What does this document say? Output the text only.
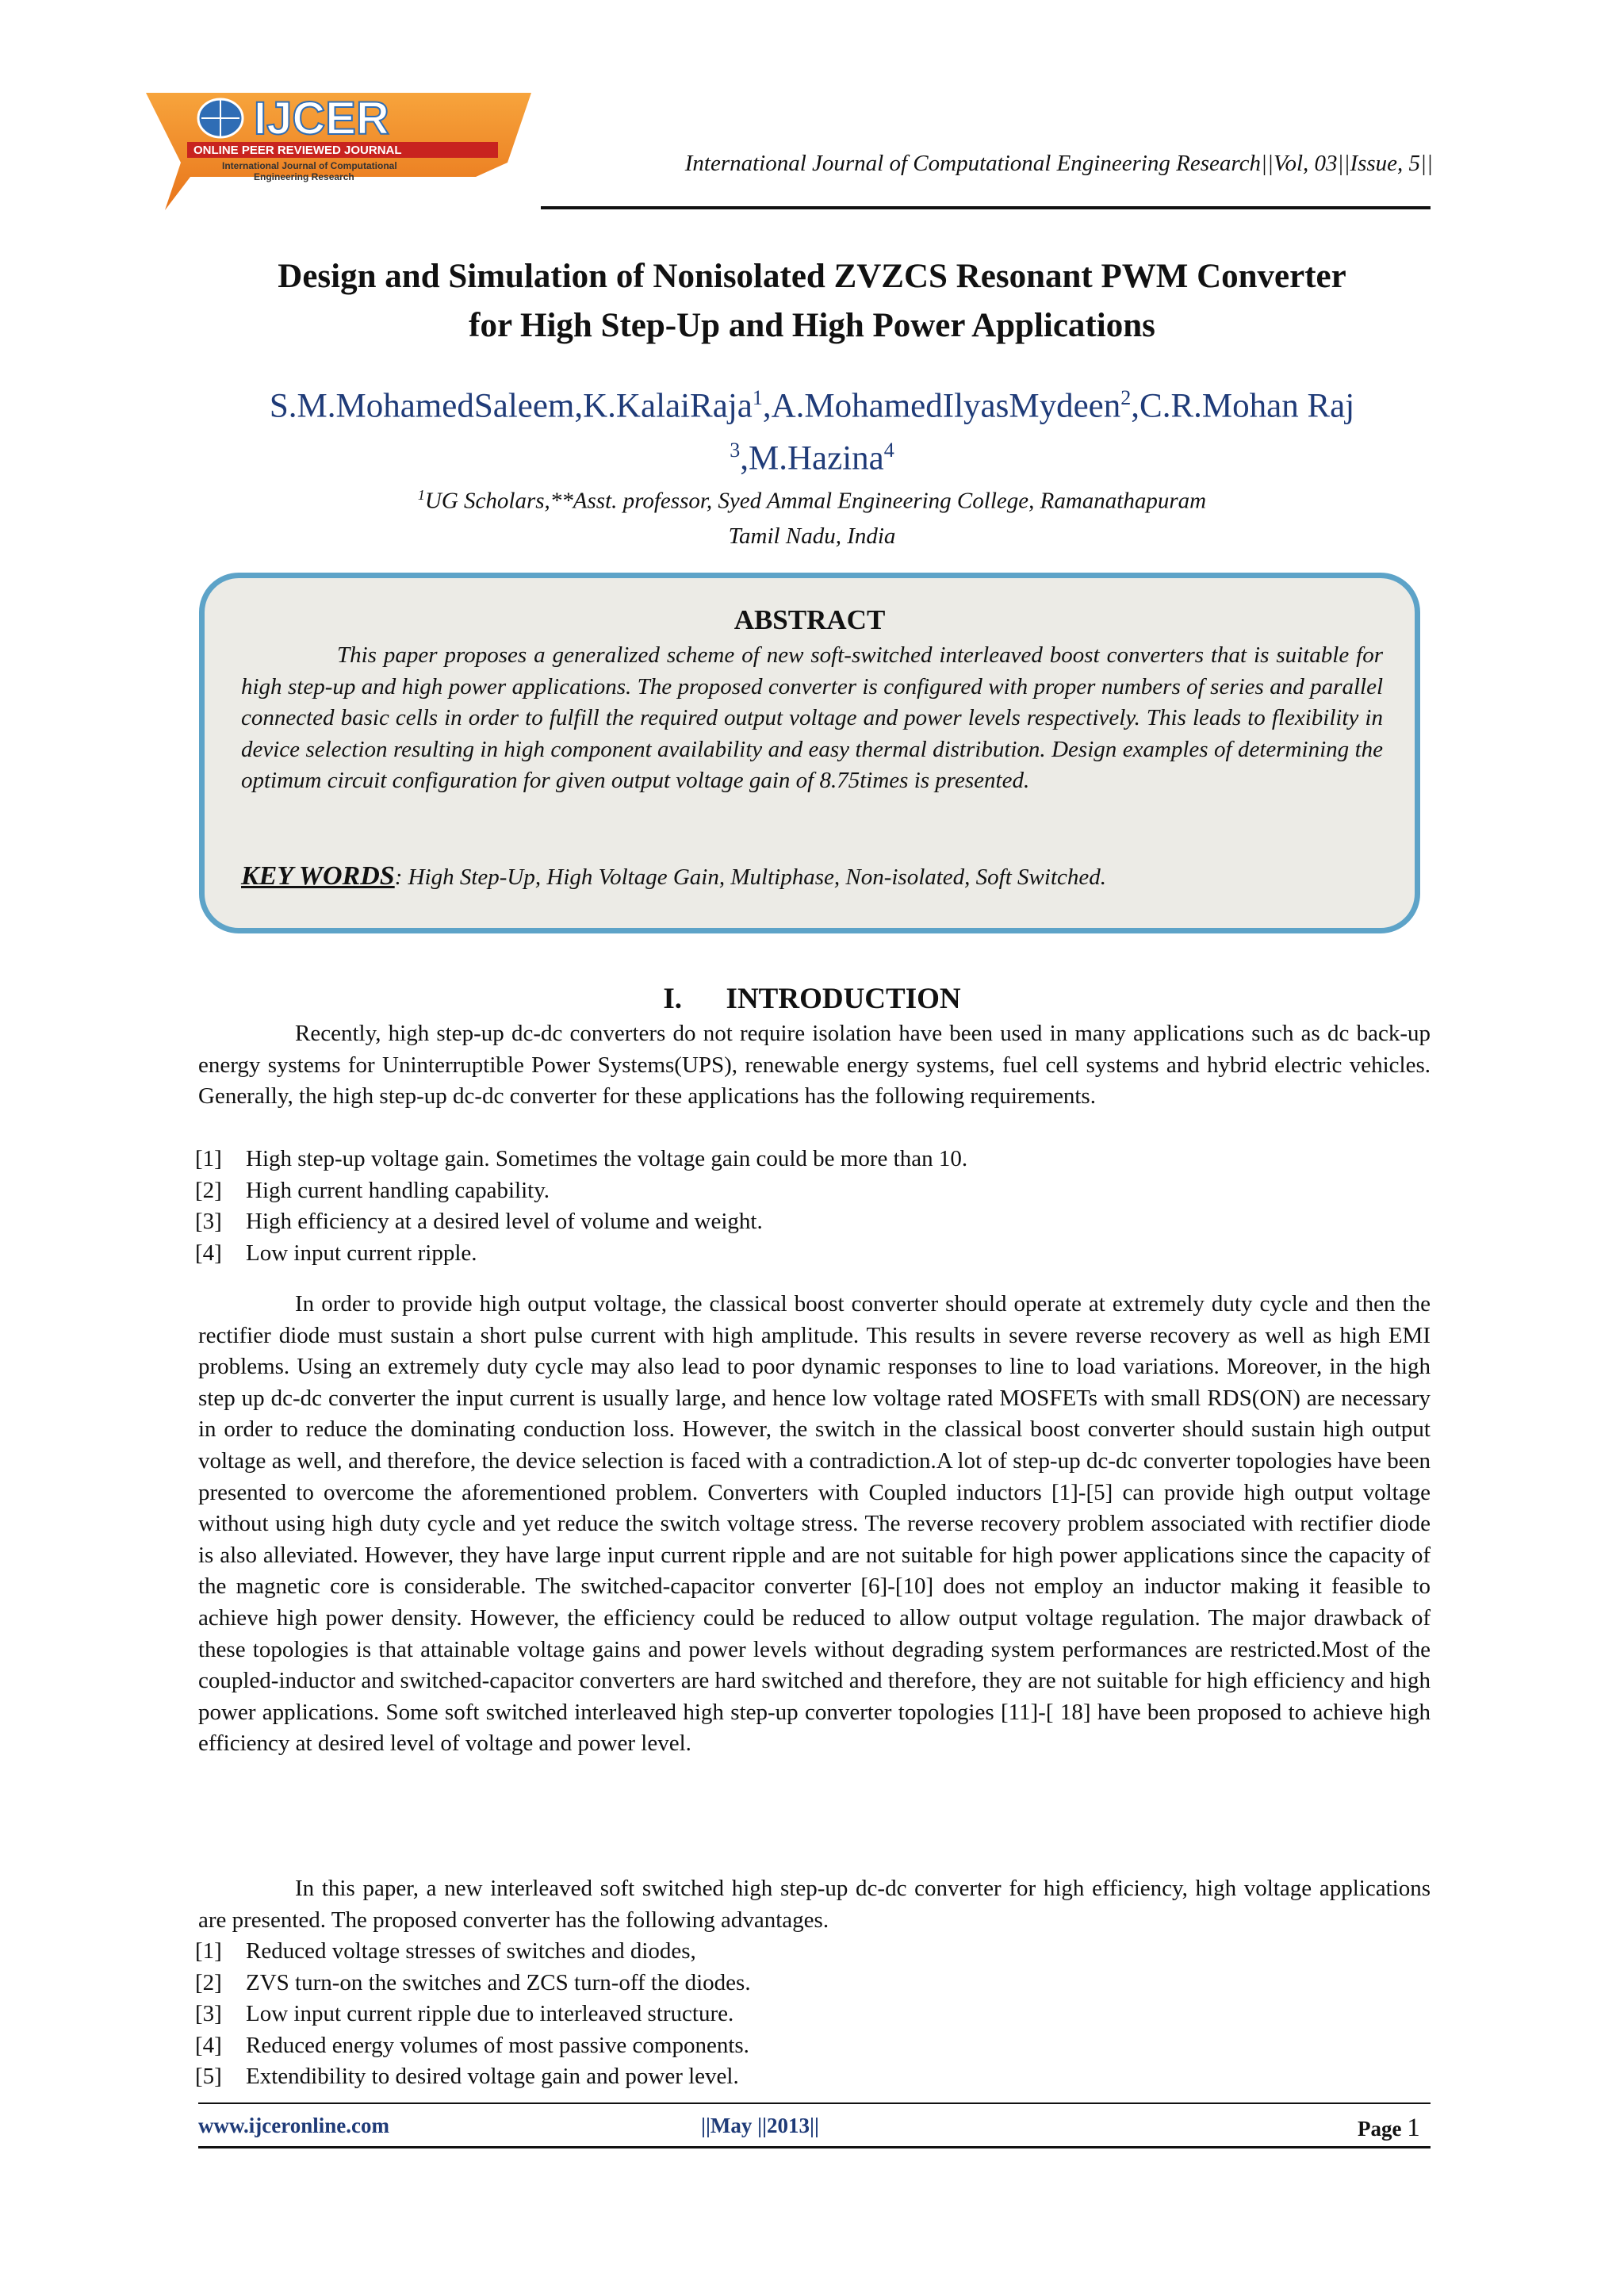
IJCER
ONLINE PEER REVIEWED JOURNAL
International Journal of Computational
Engineering Research
International Journal of Computational Engineering Research||Vol, 03||Issue, 5||
Design and Simulation of Nonisolated ZVZCS Resonant PWM Converter
for High Step-Up and High Power Applications
S.M.MohamedSaleem,K.KalaiRaja$^1$,A.MohamedIlyasMydeen$^2$,C.R.Mohan Raj
$^3$,M.Hazina$^4$
$^1$UG Scholars,**Asst. professor, Syed Ammal Engineering College, Ramanathapuram
Tamil Nadu, India
ABSTRACT

This paper proposes a generalized scheme of new soft-switched interleaved boost converters that is suitable for high step-up and high power applications. The proposed converter is configured with proper numbers of series and parallel connected basic cells in order to fulfill the required output voltage and power levels respectively. This leads to flexibility in device selection resulting in high component availability and easy thermal distribution. Design examples of determining the optimum circuit configuration for given output voltage gain of 8.75times is presented.

KEY WORDS: High Step-Up, High Voltage Gain, Multiphase, Non-isolated, Soft Switched.
I.      INTRODUCTION

Recently, high step-up dc-dc converters do not require isolation have been used in many applications such as dc back-up energy systems for Uninterruptible Power Systems(UPS), renewable energy systems, fuel cell systems and hybrid electric vehicles. Generally, the high step-up dc-dc converter for these applications has the following requirements.

[1] High step-up voltage gain. Sometimes the voltage gain could be more than 10.
[2] High current handling capability.
[3] High efficiency at a desired level of volume and weight.
[4] Low input current ripple.

In order to provide high output voltage, the classical boost converter should operate at extremely duty cycle and then the rectifier diode must sustain a short pulse current with high amplitude. This results in severe reverse recovery as well as high EMI problems. Using an extremely duty cycle may also lead to poor dynamic responses to line to load variations. Moreover, in the high step up dc-dc converter the input current is usually large, and hence low voltage rated MOSFETs with small RDS(ON) are necessary in order to reduce the dominating conduction loss. However, the switch in the classical boost converter should sustain high output voltage as well, and therefore, the device selection is faced with a contradiction.A lot of step-up dc-dc converter topologies have been presented to overcome the aforementioned problem. Converters with Coupled inductors [1]-[5] can provide high output voltage without using high duty cycle and yet reduce the switch voltage stress. The reverse recovery problem associated with rectifier diode is also alleviated. However, they have large input current ripple and are not suitable for high power applications since the capacity of the magnetic core is considerable. The switched-capacitor converter [6]-[10] does not employ an inductor making it feasible to achieve high power density. However, the efficiency could be reduced to allow output voltage regulation. The major drawback of these topologies is that attainable voltage gains and power levels without degrading system performances are restricted.Most of the coupled-inductor and switched-capacitor converters are hard switched and therefore, they are not suitable for high efficiency and high power applications. Some soft switched interleaved high step-up converter topologies [11]-[ 18] have been proposed to achieve high efficiency at desired level of voltage and power level.

In this paper, a new interleaved soft switched high step-up dc-dc converter for high efficiency, high voltage applications are presented. The proposed converter has the following advantages.

[1] Reduced voltage stresses of switches and diodes,
[2] ZVS turn-on the switches and ZCS turn-off the diodes.
[3] Low input current ripple due to interleaved structure.
[4] Reduced energy volumes of most passive components.
[5] Extendibility to desired voltage gain and power level.
www.ijceronline.com	||May ||2013||	Page 1
